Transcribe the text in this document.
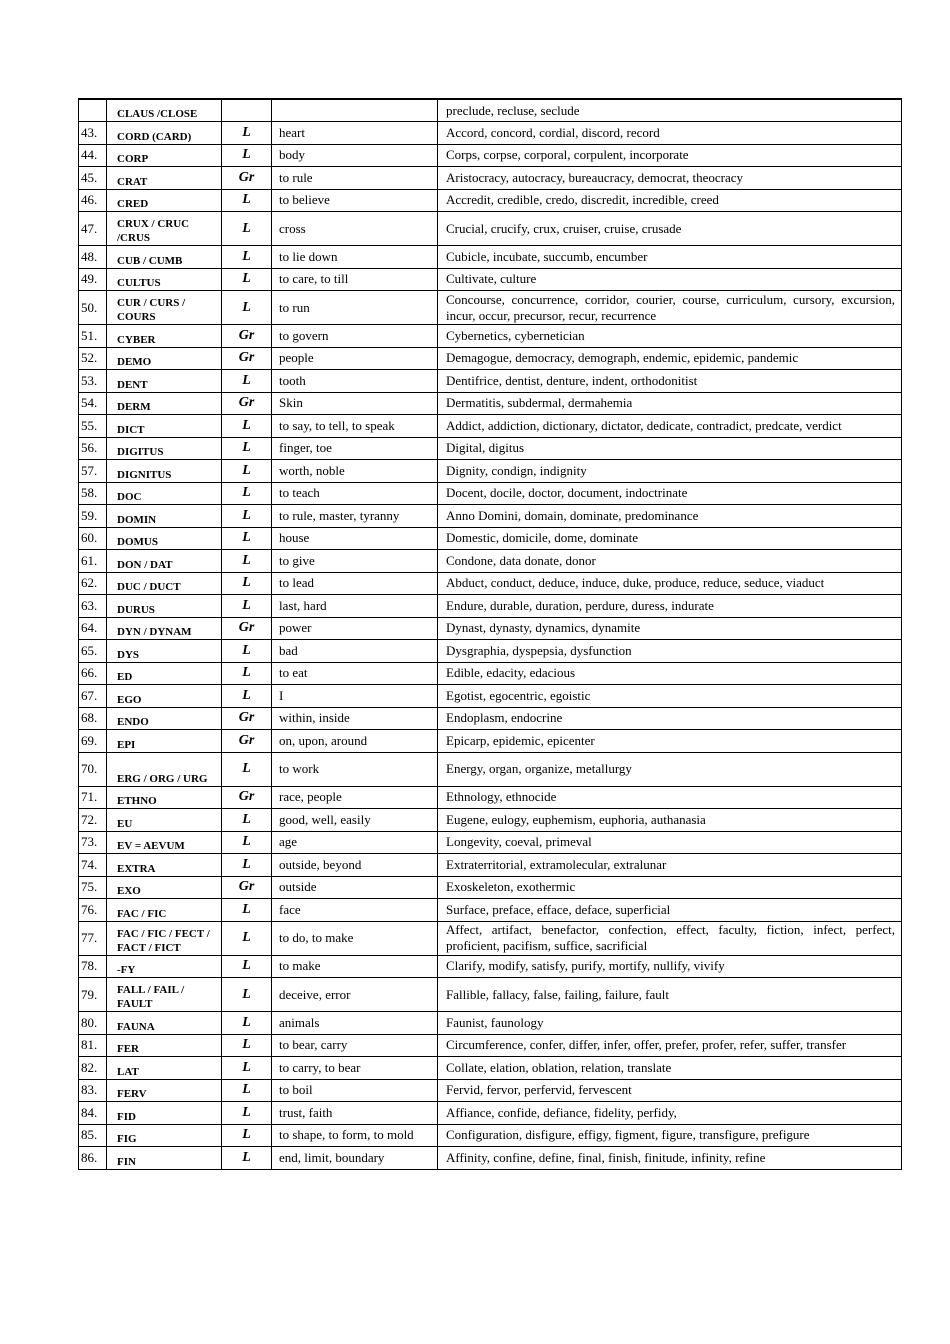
	CLAUS /CLOSE			preclude, recluse, seclude
43.	CORD (CARD)	L	heart	Accord, concord, cordial, discord, record
44.	CORP	L	body	Corps, corpse, corporal, corpulent, incorporate
45.	CRAT	Gr	to rule	Aristocracy, autocracy, bureaucracy, democrat, theocracy
46.	CRED	L	to believe	Accredit, credible, credo, discredit, incredible, creed
47.	CRUX / CRUC /CRUS	L	cross	Crucial, crucify, crux, cruiser, cruise, crusade
48.	CUB / CUMB	L	to lie down	Cubicle, incubate, succumb, encumber
49.	CULTUS	L	to care, to till	Cultivate, culture
50.	CUR / CURS / COURS	L	to run	Concourse, concurrence, corridor, courier, course, curriculum, cursory, excursion, incur, occur, precursor, recur, recurrence
51.	CYBER	Gr	to govern	Cybernetics, cybernetician
52.	DEMO	Gr	people	Demagogue, democracy, demograph, endemic, epidemic, pandemic
53.	DENT	L	tooth	Dentifrice, dentist, denture, indent, orthodonitist
54.	DERM	Gr	Skin	Dermatitis, subdermal, dermahemia
55.	DICT	L	to say, to tell, to speak	Addict, addiction, dictionary, dictator, dedicate, contradict, predcate, verdict
56.	DIGITUS	L	finger, toe	Digital, digitus
57.	DIGNITUS	L	worth, noble	Dignity, condign, indignity
58.	DOC	L	to teach	Docent, docile, doctor, document, indoctrinate
59.	DOMIN	L	to rule, master, tyranny	Anno Domini, domain, dominate, predominance
60.	DOMUS	L	house	Domestic, domicile, dome, dominate
61.	DON / DAT	L	to give	Condone, data donate, donor
62.	DUC / DUCT	L	to lead	Abduct, conduct, deduce, induce, duke, produce, reduce, seduce, viaduct
63.	DURUS	L	last, hard	Endure, durable, duration, perdure, duress, indurate
64.	DYN / DYNAM	Gr	power	Dynast, dynasty, dynamics, dynamite
65.	DYS	L	bad	Dysgraphia, dyspepsia, dysfunction
66.	ED	L	to eat	Edible, edacity, edacious
67.	EGO	L	I	Egotist, egocentric, egoistic
68.	ENDO	Gr	within, inside	Endoplasm, endocrine
69.	EPI	Gr	on, upon, around	Epicarp, epidemic, epicenter
70.	ERG / ORG / URG	L	to work	Energy, organ, organize, metallurgy
71.	ETHNO	Gr	race, people	Ethnology, ethnocide
72.	EU	L	good, well, easily	Eugene, eulogy, euphemism, euphoria, authanasia
73.	EV = AEVUM	L	age	Longevity, coeval, primeval
74.	EXTRA	L	outside, beyond	Extraterritorial, extramolecular, extralunar
75.	EXO	Gr	outside	Exoskeleton, exothermic
76.	FAC / FIC	L	face	Surface, preface, efface, deface, superficial
77.	FAC / FIC / FECT / FACT / FICT	L	to do, to make	Affect, artifact, benefactor, confection, effect, faculty, fiction, infect, perfect, proficient, pacifism, suffice, sacrificial
78.	-FY	L	to make	Clarify, modify, satisfy, purify, mortify, nullify, vivify
79.	FALL / FAIL / FAULT	L	deceive, error	Fallible, fallacy, false, failing, failure, fault
80.	FAUNA	L	animals	Faunist, faunology
81.	FER	L	to bear, carry	Circumference, confer, differ, infer, offer, prefer, profer, refer, suffer, transfer
82.	LAT	L	to carry, to bear	Collate, elation, oblation, relation, translate
83.	FERV	L	to boil	Fervid, fervor, perfervid, fervescent
84.	FID	L	trust, faith	Affiance, confide, defiance, fidelity, perfidy,
85.	FIG	L	to shape, to form, to mold	Configuration, disfigure, effigy, figment, figure, transfigure, prefigure
86.	FIN	L	end, limit, boundary	Affinity, confine, define, final, finish, finitude, infinity, refine
